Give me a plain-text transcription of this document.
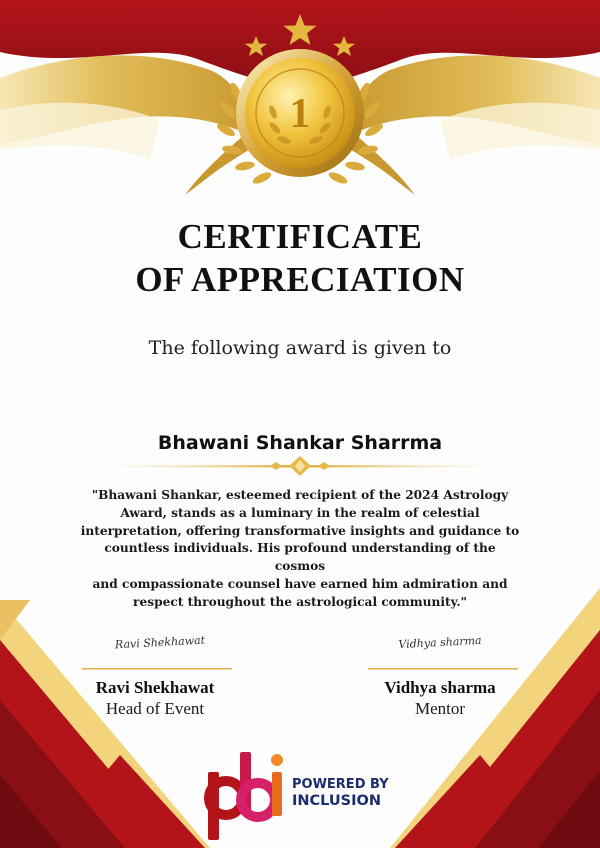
1
CERTIFICATE
OF APPRECIATION
The following award is given to
Bhawani Shankar Sharrma
"Bhawani Shankar, esteemed recipient of the 2024 Astrology
Award, stands as a luminary in the realm of celestial
interpretation, offering transformative insights and guidance to
countless individuals. His profound understanding of the cosmos
and compassionate counsel have earned him admiration and
respect throughout the astrological community."
Ravi Shekhawat
Ravi Shekhawat
Head of Event
Vidhya sharma
Vidhya sharma
Mentor
POWERED BY
INCLUSION
